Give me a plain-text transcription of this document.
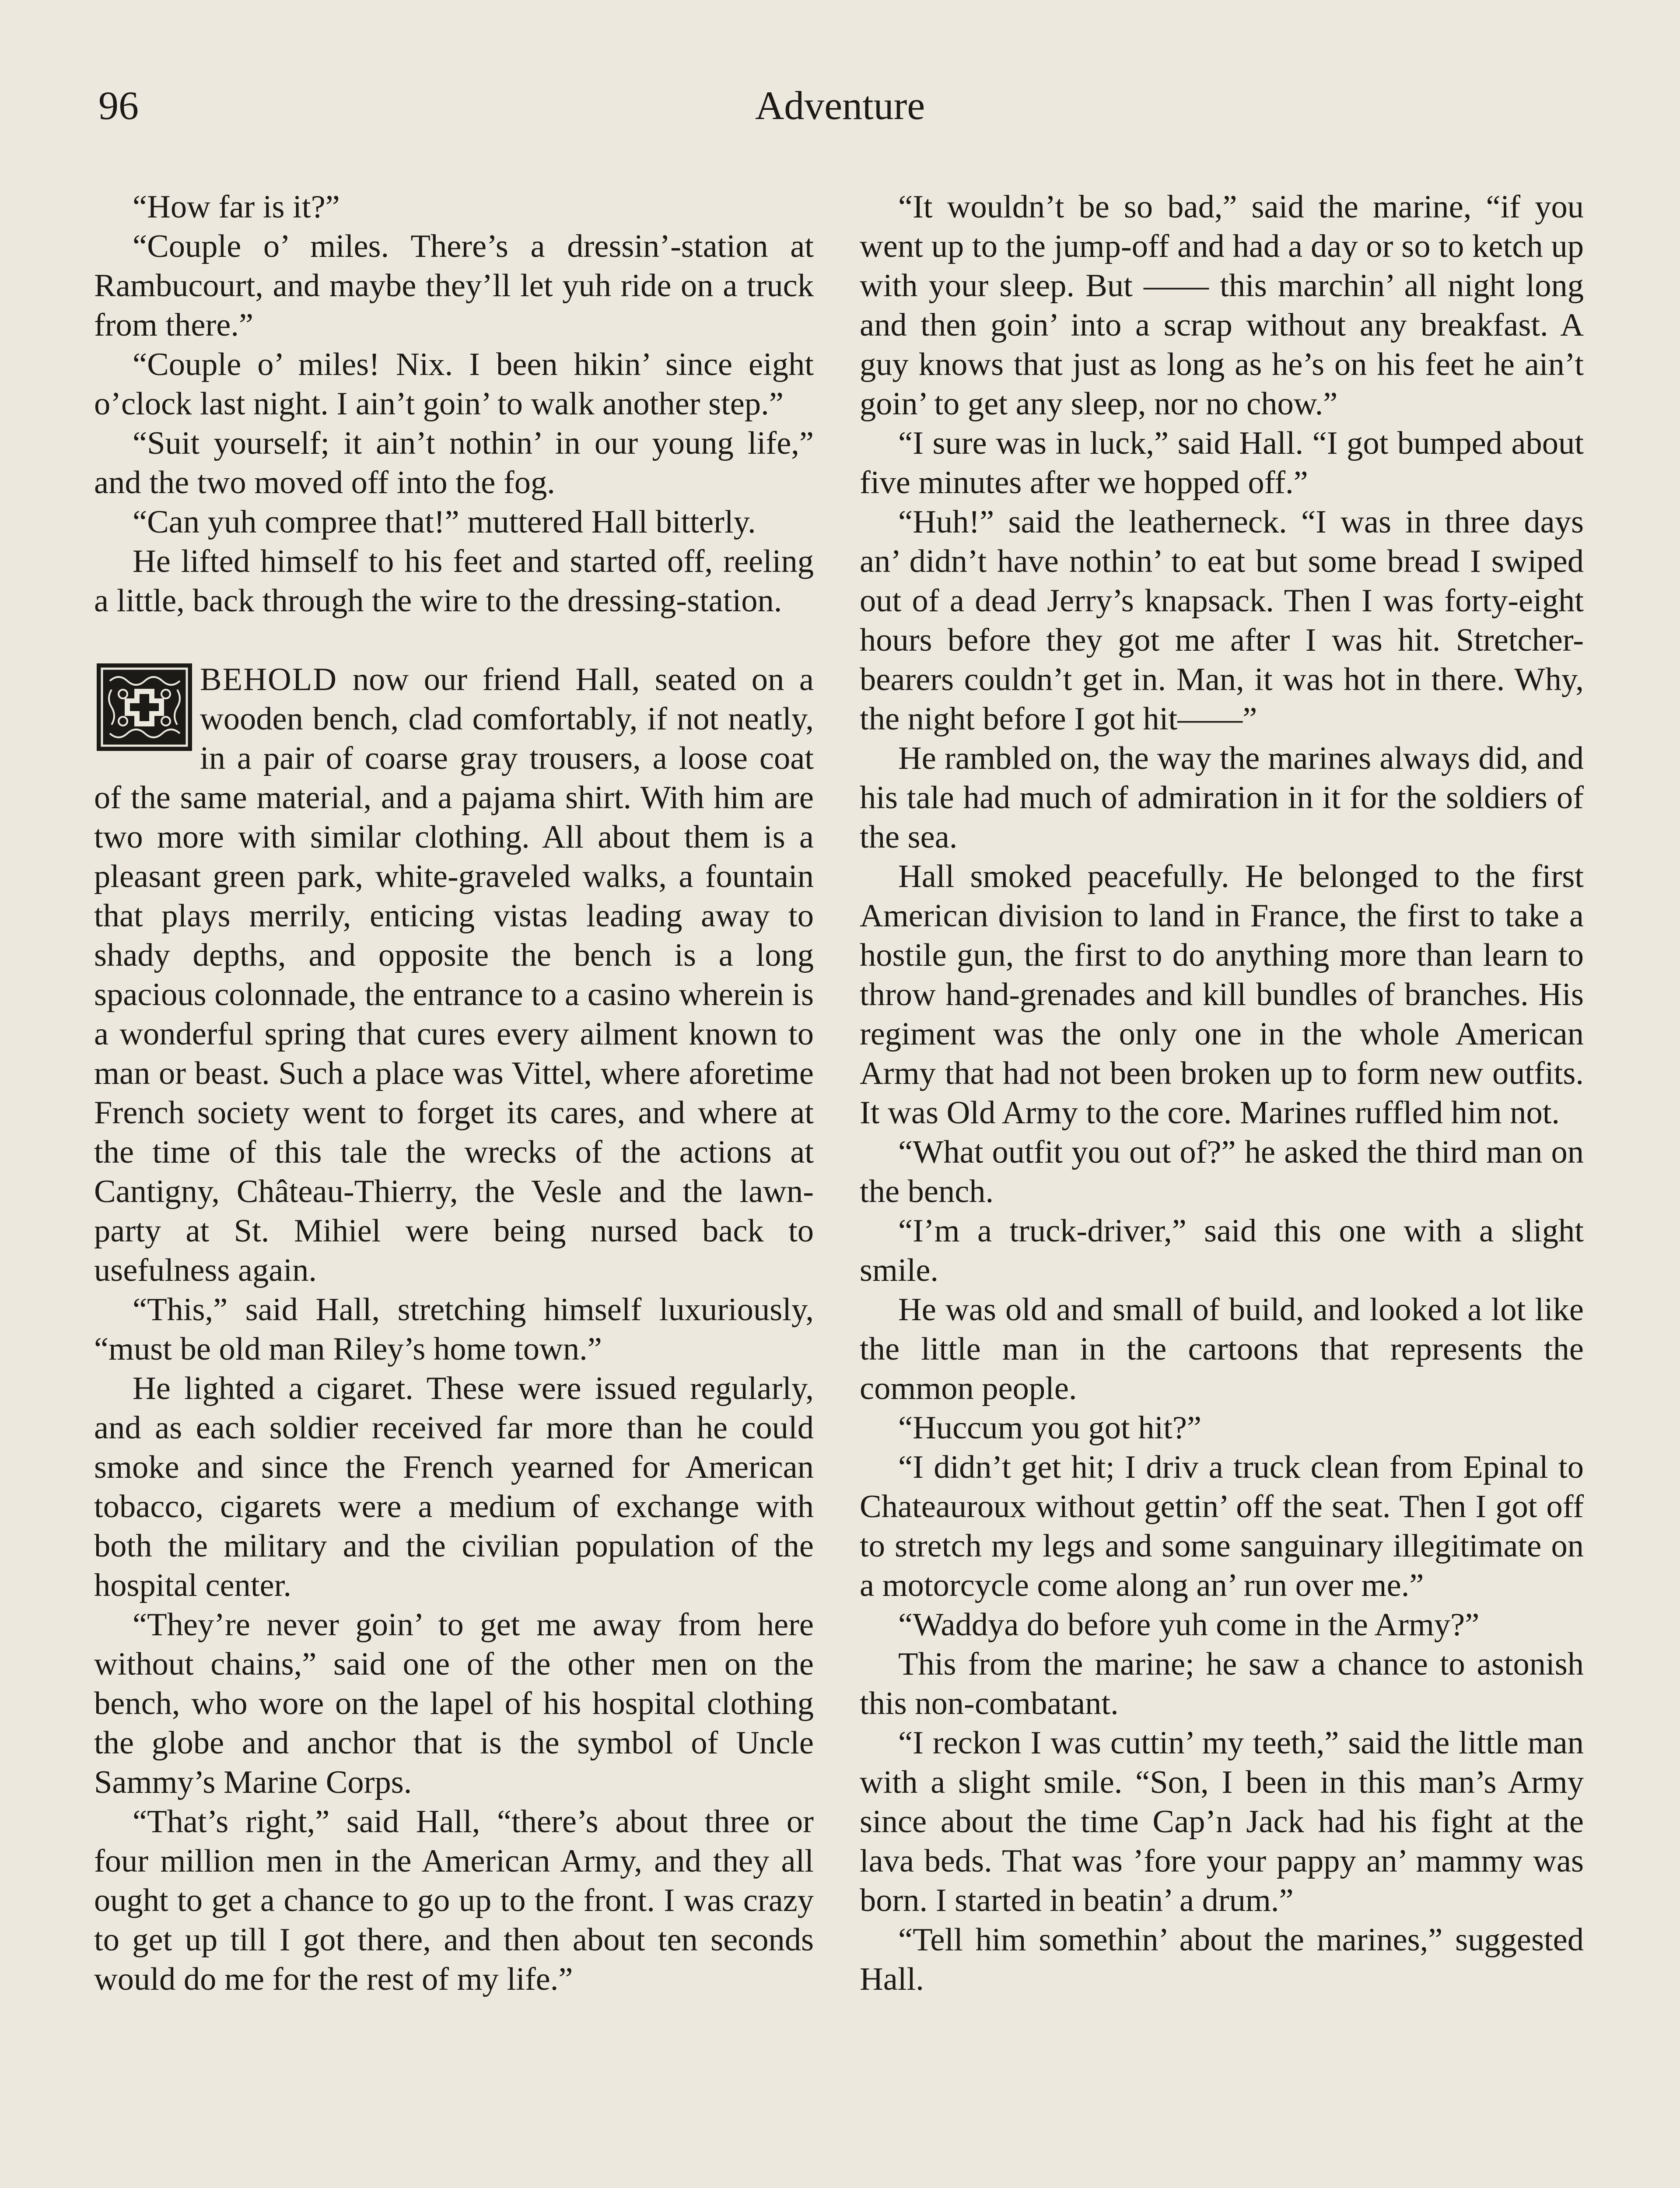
96	Adventure

“How far is it?”

“Couple o’ miles. There’s a dressin’-station at Rambucourt, and maybe they’ll let yuh ride on a truck from there.”

“Couple o’ miles! Nix. I been hikin’ since eight o’clock last night. I ain’t goin’ to walk another step.”

“Suit yourself; it ain’t nothin’ in our young life,” and the two moved off into the fog.

“Can yuh compree that!” muttered Hall bitterly.

He lifted himself to his feet and started off, reeling a little, back through the wire to the dressing-station.

BEHOLD now our friend Hall, seated on a wooden bench, clad comfortably, if not neatly, in a pair of coarse gray trousers, a loose coat of the same material, and a pajama shirt. With him are two more with similar clothing. All about them is a pleasant green park, white-graveled walks, a fountain that plays merrily, enticing vistas leading away to shady depths, and opposite the bench is a long spacious colonnade, the entrance to a casino wherein is a wonderful spring that cures every ailment known to man or beast. Such a place was Vittel, where aforetime French society went to forget its cares, and where at the time of this tale the wrecks of the actions at Cantigny, Château-Thierry, the Vesle and the lawn-party at St. Mihiel were being nursed back to usefulness again.

“This,” said Hall, stretching himself luxuriously, “must be old man Riley’s home town.”

He lighted a cigaret. These were issued regularly, and as each soldier received far more than he could smoke and since the French yearned for American tobacco, cigarets were a medium of exchange with both the military and the civilian population of the hospital center.

“They’re never goin’ to get me away from here without chains,” said one of the other men on the bench, who wore on the lapel of his hospital clothing the globe and anchor that is the symbol of Uncle Sammy’s Marine Corps.

“That’s right,” said Hall, “there’s about three or four million men in the American Army, and they all ought to get a chance to go up to the front. I was crazy to get up till I got there, and then about ten seconds would do me for the rest of my life.”

“It wouldn’t be so bad,” said the marine, “if you went up to the jump-off and had a day or so to ketch up with your sleep. But —— this marchin’ all night long and then goin’ into a scrap without any breakfast. A guy knows that just as long as he’s on his feet he ain’t goin’ to get any sleep, nor no chow.”

“I sure was in luck,” said Hall. “I got bumped about five minutes after we hopped off.”

“Huh!” said the leatherneck. “I was in three days an’ didn’t have nothin’ to eat but some bread I swiped out of a dead Jerry’s knapsack. Then I was forty-eight hours before they got me after I was hit. Stretcher-bearers couldn’t get in. Man, it was hot in there. Why, the night before I got hit——”

He rambled on, the way the marines always did, and his tale had much of admiration in it for the soldiers of the sea.

Hall smoked peacefully. He belonged to the first American division to land in France, the first to take a hostile gun, the first to do anything more than learn to throw hand-grenades and kill bundles of branches. His regiment was the only one in the whole American Army that had not been broken up to form new outfits. It was Old Army to the core. Marines ruffled him not.

“What outfit you out of?” he asked the third man on the bench.

“I’m a truck-driver,” said this one with a slight smile.

He was old and small of build, and looked a lot like the little man in the cartoons that represents the common people.

“Huccum you got hit?”

“I didn’t get hit; I driv a truck clean from Epinal to Chateauroux without gettin’ off the seat. Then I got off to stretch my legs and some sanguinary illegitimate on a motorcycle come along an’ run over me.”

“Waddya do before yuh come in the Army?”

This from the marine; he saw a chance to astonish this non-combatant.

“I reckon I was cuttin’ my teeth,” said the little man with a slight smile. “Son, I been in this man’s Army since about the time Cap’n Jack had his fight at the lava beds. That was ’fore your pappy an’ mammy was born. I started in beatin’ a drum.”

“Tell him somethin’ about the marines,” suggested Hall.
